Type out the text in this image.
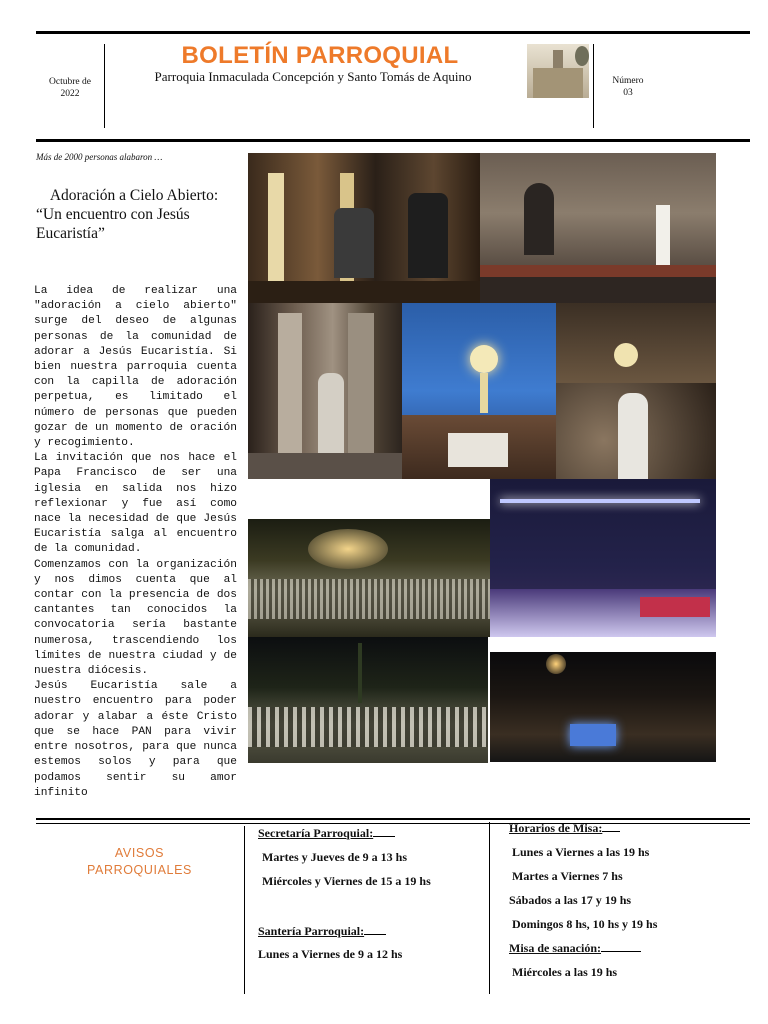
Octubre de 2022
BOLETÍN PARROQUIAL
Parroquia Inmaculada Concepción y Santo Tomás de Aquino	Número
03
Más de 2000 personas alabaron …
Adoración a Cielo Abierto:
“Un encuentro con Jesús Eucaristía”

La idea de realizar una "adoración a cielo abierto" surge del deseo de algunas personas de la comunidad de adorar a Jesús Eucaristía. Si bien nuestra parroquia cuenta con la capilla de adoración perpetua, es limitado el número de personas que pueden gozar de un momento de oración y recogimiento.

La invitación que nos hace el Papa Francisco de ser una iglesia en salida nos hizo reflexionar y fue así como nace la necesidad de que Jesús Eucaristía salga al encuentro de la comunidad.

Comenzamos con la organización y nos dimos cuenta que al contar con la presencia de dos cantantes tan conocidos la convocatoria sería bastante numerosa, trascendiendo los límites de nuestra ciudad y de nuestra diócesis.

Jesús Eucaristía sale a nuestro encuentro para poder adorar y alabar a éste Cristo que se hace PAN para vivir entre nosotros, para que nunca estemos solos y para que podamos sentir su amor infinito

AVISOS PARROQUIALES
Secretaría Parroquial:
Martes y Jueves de 9 a 13 hs
Miércoles y Viernes de 15 a 19 hs
Santería Parroquial:
Lunes a Viernes de 9 a 12 hs
Horarios de Misa:
Lunes a Viernes a las 19 hs
Martes a Viernes 7 hs
Sábados a las 17 y 19 hs
Domingos 8 hs, 10 hs y 19 hs
Misa de sanación:
Miércoles a las 19 hs
